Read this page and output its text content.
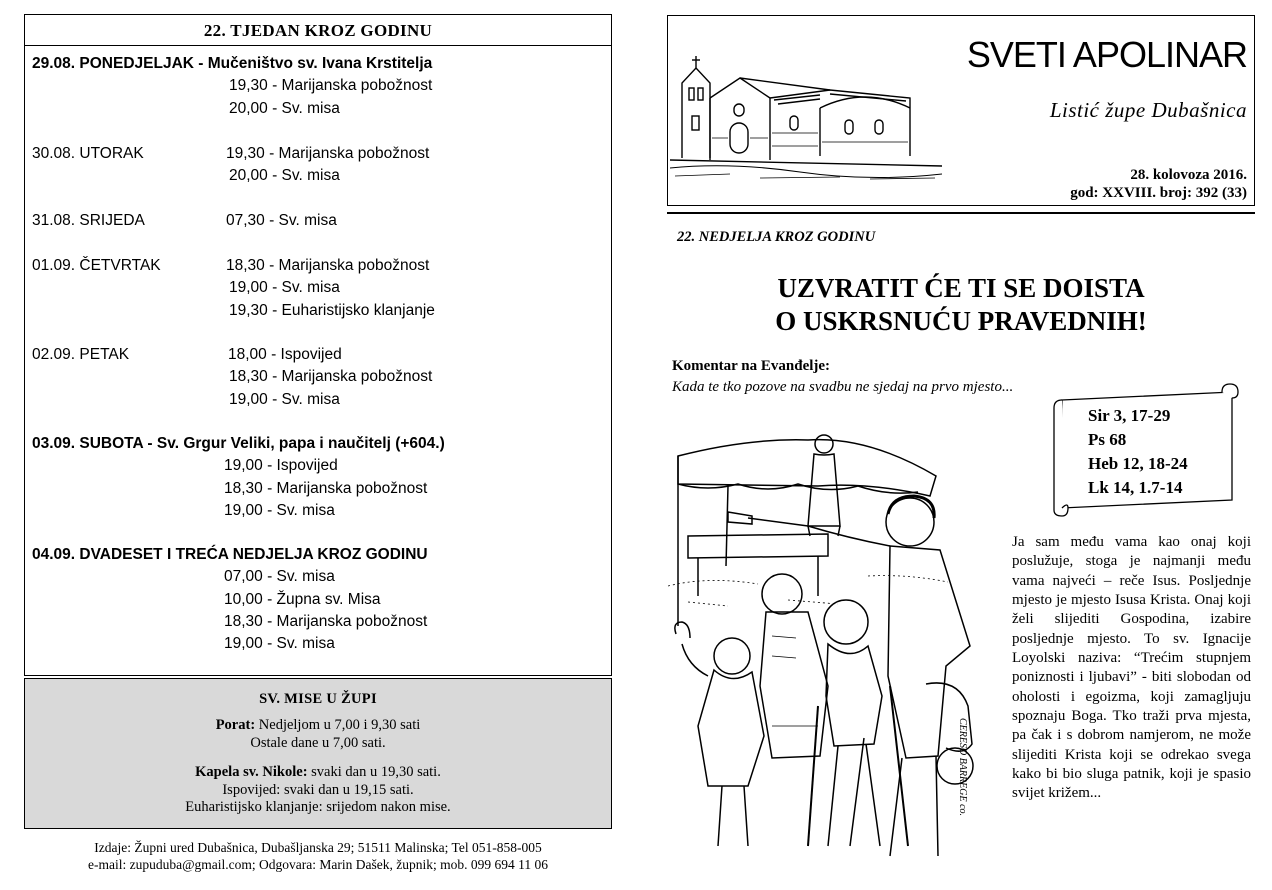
22. TJEDAN KROZ GODINU
29.08. PONEDJELJAK - Mučeništvo sv. Ivana Krstitelja
19,30 - Marijanska pobožnost
20,00 - Sv. misa
30.08. UTORAK	19,30 - Marijanska pobožnost
20,00 - Sv. misa
31.08. SRIJEDA	07,30 - Sv. misa
01.09. ČETVRTAK	18,30 - Marijanska pobožnost
19,00 - Sv. misa
19,30 - Euharistijsko klanjanje
02.09. PETAK	18,00 - Ispovijed
18,30 - Marijanska pobožnost
19,00 - Sv. misa
03.09. SUBOTA - Sv. Grgur Veliki, papa i naučitelj (+604.)
19,00 - Ispovijed
18,30 - Marijanska pobožnost
19,00 - Sv. misa
04.09. DVADESET I TREĆA NEDJELJA KROZ GODINU
07,00 - Sv. misa
10,00 - Župna sv. Misa
18,30 - Marijanska pobožnost
19,00 - Sv. misa
SV. MISE U ŽUPI

Porat: Nedjeljom u 7,00 i 9,30 sati

Ostale dane u 7,00 sati.

Kapela sv. Nikole: svaki dan u 19,30 sati.

Ispovijed: svaki dan u 19,15 sati.

Euharistijsko klanjanje: srijedom nakon mise.

Izdaje: Župni ured Dubašnica, Dubašljanska 29; 51511 Malinska; Tel 051-858-005
e-mail: zupuduba@gmail.com; Odgovara: Marin Dašek, župnik; mob. 099 694 11 06
SVETI APOLINAR
Listić župe Dubašnica
28. kolovoza 2016.
god: XXVIII. broj: 392 (33)
22. NEDJELJA KROZ GODINU
UZVRATIT ĆE TI SE DOISTA
O USKRSNUĆU PRAVEDNIH!
Komentar na Evanđelje:
Kada te tko pozove na svadbu ne sjedaj na prvo mjesto...
Sir 3, 17-29
Ps 68
Heb 12, 18-24
Lk 14, 1.7-14
CERESO BARREGE co.
Ja sam među vama kao onaj koji poslužuje, stoga je najmanji među vama najveći – reče Isus. Posljednje mjesto je mjesto Isusa Krista. Onaj koji želi slijediti Gospodina, izabire posljednje mjesto. To sv. Ignacije Loyolski naziva: “Trećim stupnjem poniznosti i ljubavi” - biti slobodan od oholosti i egoizma, koji zamagljuju spoznaju Boga. Tko traži prva mjesta, pa čak i s dobrom namjerom, ne može slijediti Krista koji se odrekao svega kako bi bio sluga patnik, koji je spasio svijet križem...
